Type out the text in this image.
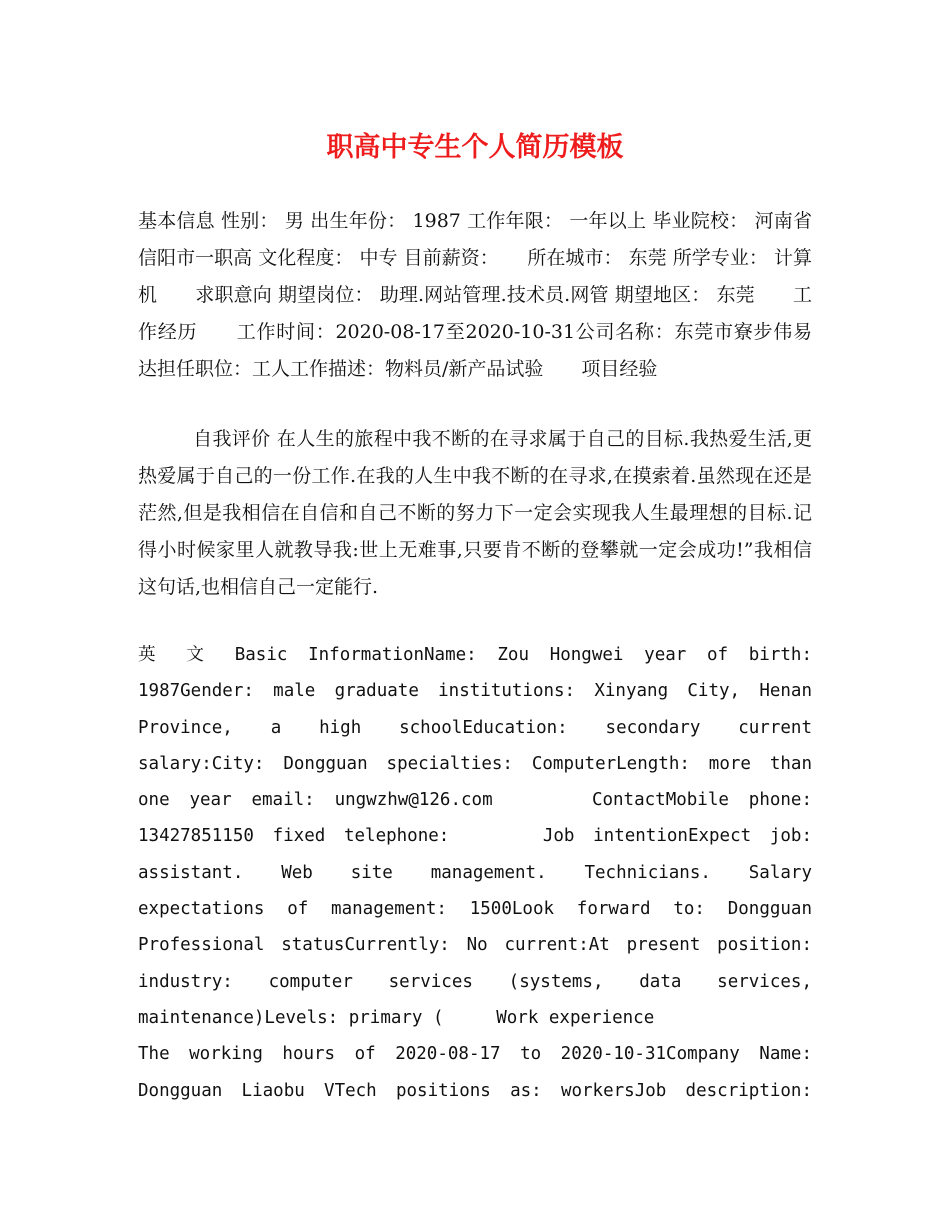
职高中专生个人简历模板

基本信息 性别： 男 出生年份： 1987 工作年限： 一年以上 毕业院校： 河南省信阳市一职高 文化程度： 中专 目前薪资：　　所在城市： 东莞 所学专业： 计算机　　求职意向 期望岗位： 助理.网站管理.技术员.网管 期望地区： 东莞　　工作经历　　工作时间：2020-08-17至2020-10-31公司名称：东莞市寮步伟易达担任职位：工人工作描述：物料员/新产品试验　　项目经验

自我评价 在人生的旅程中我不断的在寻求属于自己的目标.我热爱生活,更热爱属于自己的一份工作.在我的人生中我不断的在寻求,在摸索着.虽然现在还是茫然,但是我相信在自信和自己不断的努力下一定会实现我人生最理想的目标.记得小时候家里人就教导我:世上无难事,只要肯不断的登攀就一定会成功!”我相信这句话,也相信自己一定能行.

英 文 Basic InformationName: Zou Hongwei year of birth:
1987Gender: male graduate institutions: Xinyang City, Henan
Province, a high schoolEducation: secondary current
salary:City: Dongguan specialties: ComputerLength: more than
one year email: ungwzhw@126.com     ContactMobile phone:
13427851150 fixed telephone:     Job intentionExpect job:
assistant. Web site management. Technicians. Salary
expectations of management: 1500Look forward to: Dongguan
Professional statusCurrently: No current:At present position:
industry: computer services (systems, data services,
maintenance)Levels: primary (     Work experience
The working hours of 2020-08-17 to 2020-10-31Company Name:
Dongguan Liaobu VTech positions as: workersJob description:
